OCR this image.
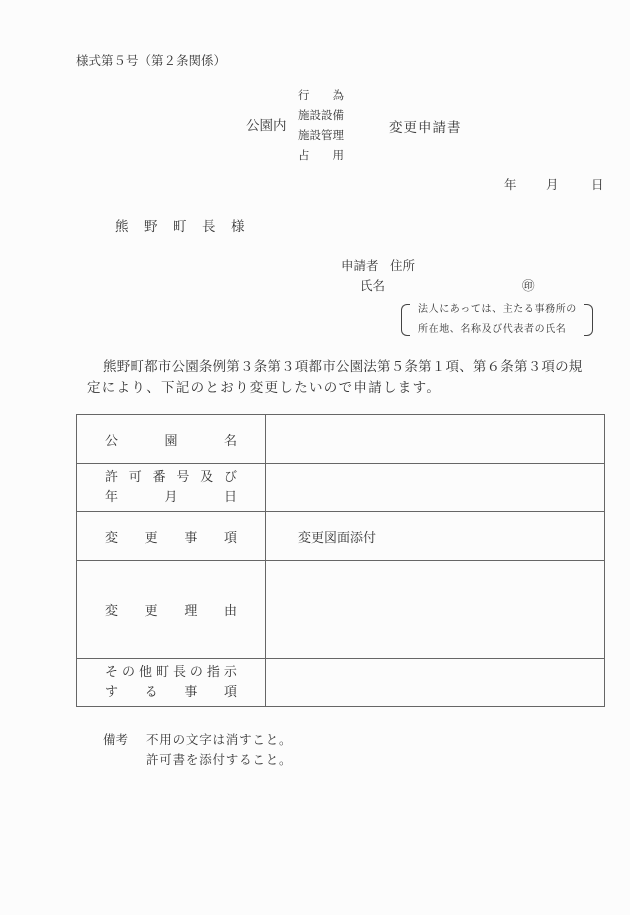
様式第５号（第２条関係）
公園内
行　　為
施設設備
施設管理
占　　用
変更申請書
年 月	日
熊	野	町	長	様
申請者 住所
氏名	㊞
法人にあっては、主たる事務所の
所在地、名称及び代表者の氏名
熊野町都市公園条例第３条第３項都市公園法第５条第１項、第６条第３項の規
定により、下記のとおり変更したいので申請します。
公 園 名	

許 可 番 号 及 び
年	月	日

変 更 事 項	変更図面添付

変 更 理 由	

そ の 他 町 長 の 指 示
す る 事 項

備考 不用の文字は消すこと。
許可書を添付すること。
